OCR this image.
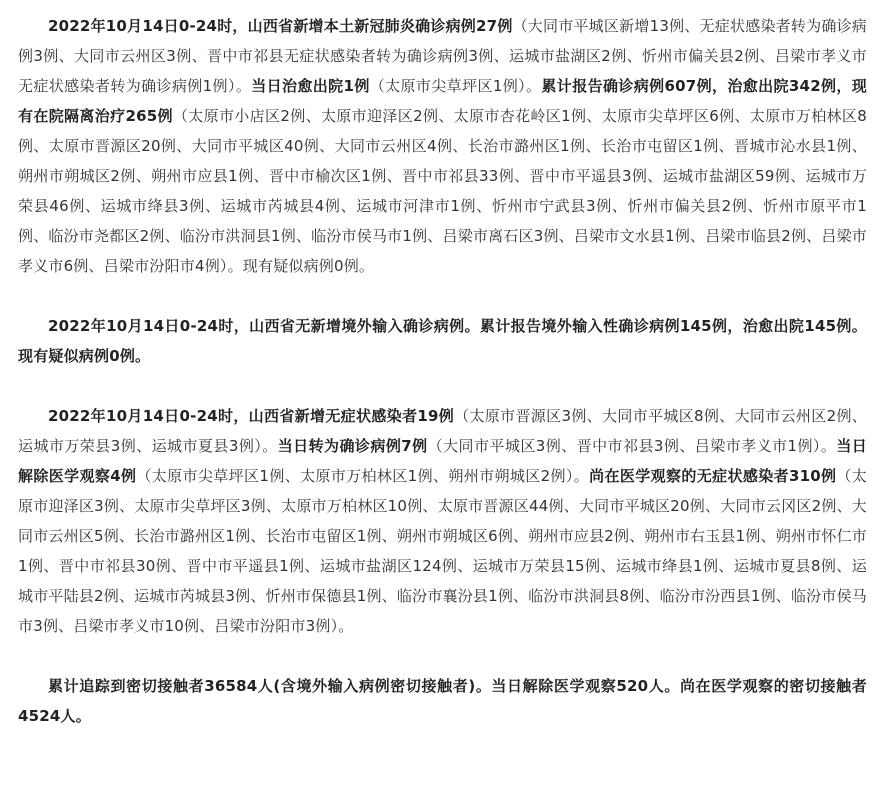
2022年10月14日0-24时，山西省新增本土新冠肺炎确诊病例27例（大同市平城区新增13例、无症状感染者转为确诊病例3例、大同市云州区3例、晋中市祁县无症状感染者转为确诊病例3例、运城市盐湖区2例、忻州市偏关县2例、吕梁市孝义市无症状感染者转为确诊病例1例）。当日治愈出院1例（太原市尖草坪区1例）。累计报告确诊病例607例，治愈出院342例，现有在院隔离治疗265例（太原市小店区2例、太原市迎泽区2例、太原市杏花岭区1例、太原市尖草坪区6例、太原市万柏林区8例、太原市晋源区20例、大同市平城区40例、大同市云州区4例、长治市潞州区1例、长治市屯留区1例、晋城市沁水县1例、朔州市朔城区2例、朔州市应县1例、晋中市榆次区1例、晋中市祁县33例、晋中市平遥县3例、运城市盐湖区59例、运城市万荣县46例、运城市绛县3例、运城市芮城县4例、运城市河津市1例、忻州市宁武县3例、忻州市偏关县2例、忻州市原平市1例、临汾市尧都区2例、临汾市洪洞县1例、临汾市侯马市1例、吕梁市离石区3例、吕梁市文水县1例、吕梁市临县2例、吕梁市孝义市6例、吕梁市汾阳市4例）。现有疑似病例0例。

2022年10月14日0-24时，山西省无新增境外输入确诊病例。累计报告境外输入性确诊病例145例，治愈出院145例。现有疑似病例0例。

2022年10月14日0-24时，山西省新增无症状感染者19例（太原市晋源区3例、大同市平城区8例、大同市云州区2例、运城市万荣县3例、运城市夏县3例）。当日转为确诊病例7例（大同市平城区3例、晋中市祁县3例、吕梁市孝义市1例）。当日解除医学观察4例（太原市尖草坪区1例、太原市万柏林区1例、朔州市朔城区2例）。尚在医学观察的无症状感染者310例（太原市迎泽区3例、太原市尖草坪区3例、太原市万柏林区10例、太原市晋源区44例、大同市平城区20例、大同市云冈区2例、大同市云州区5例、长治市潞州区1例、长治市屯留区1例、朔州市朔城区6例、朔州市应县2例、朔州市右玉县1例、朔州市怀仁市1例、晋中市祁县30例、晋中市平遥县1例、运城市盐湖区124例、运城市万荣县15例、运城市绛县1例、运城市夏县8例、运城市平陆县2例、运城市芮城县3例、忻州市保德县1例、临汾市襄汾县1例、临汾市洪洞县8例、临汾市汾西县1例、临汾市侯马市3例、吕梁市孝义市10例、吕梁市汾阳市3例）。

累计追踪到密切接触者36584人(含境外输入病例密切接触者)。当日解除医学观察520人。尚在医学观察的密切接触者4524人。
